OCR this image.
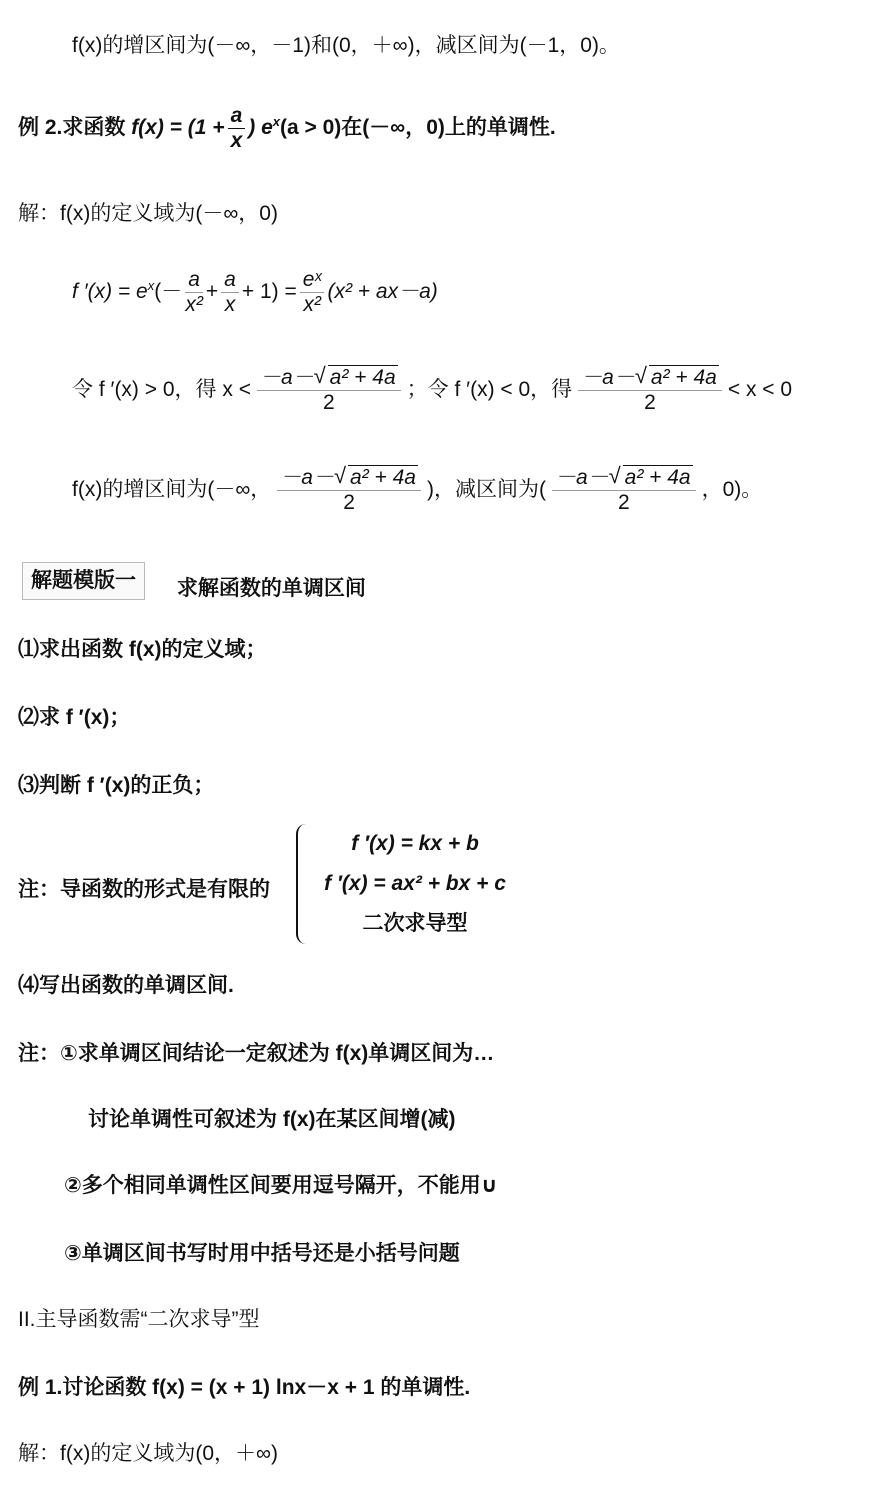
f(x)的增区间为(－∞，－1)和(0，＋∞)，减区间为(－1，0)。
例 2.求函数 $f(x) = (1 + \frac{a}{x}$ ) $e^x(a > 0)$在(－∞，0)上的单调性.
解：f(x)的定义域为(－∞，0)
f $'(x) = e^x(- \frac{a}{\text{x²}} + \frac{a}{x} + 1) = \frac{\text{eˣ}}{\text{x²}} (x^2 + ax-a)$
令 f ′(x) > 0，得 $x < \frac{\text{－a－ √ a² + 4a}}{2}$ ；令 f ′(x) < 0，得 $\frac{\text{－a－ √ a² + 4a}}{2} < x < 0$
f(x)的增区间为(－∞， $\frac{\text{－a－ √ a² + 4a}}{2}$ )，减区间为( $\frac{\text{－a－ √ a² + 4a}}{2}$ ，0)。
解题模版一 求解函数的单调区间
⑴求出函数 f(x)的定义域；
⑵求 f ′(x)；
⑶判断 f ′(x)的正负；
注：导函数的形式是有限的
f ′(x) = kx + b
f ′(x) = ax² + bx + c
二次求导型
⑷写出函数的单调区间.
注：①求单调区间结论一定叙述为 f(x)单调区间为…
讨论单调性可叙述为 f(x)在某区间增(减)
②多个相同单调性区间要用逗号隔开，不能用∪
③单调区间书写时用中括号还是小括号问题
II.主导函数需“二次求导”型
例 1.讨论函数 f(x) = (x + 1) lnx－x + 1 的单调性.
解：f(x)的定义域为(0，＋∞)
